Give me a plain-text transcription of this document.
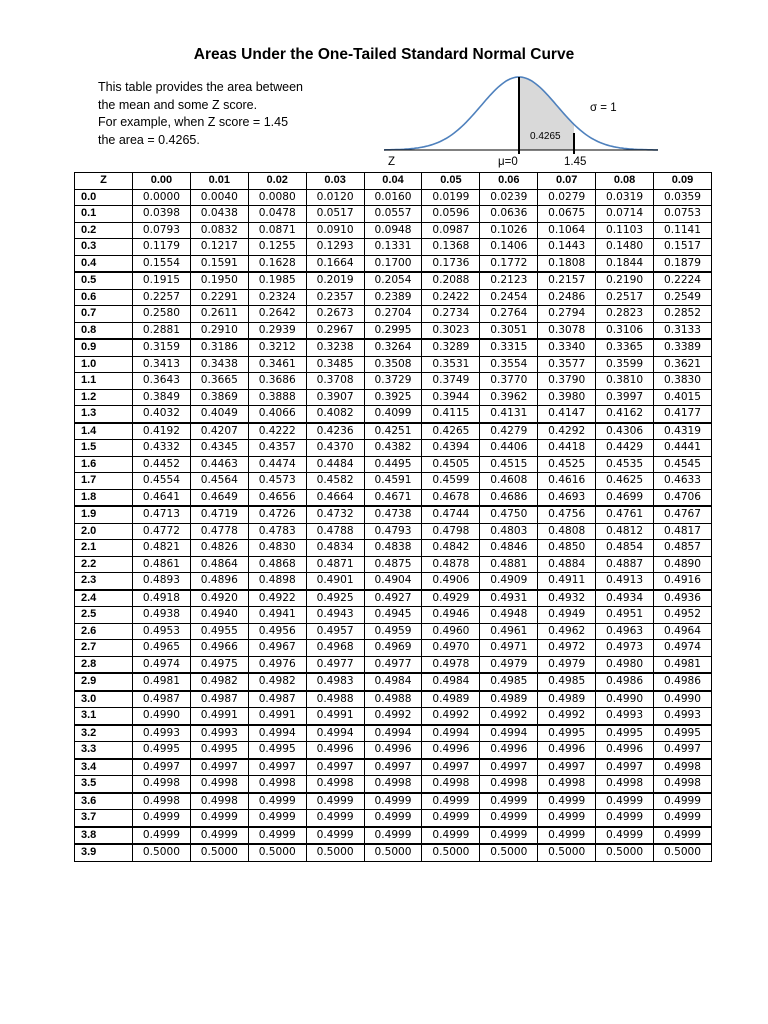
Areas Under the One-Tailed Standard Normal Curve
This table provides the area between
the mean and some Z score.
For example, when Z score = 1.45
the area = 0.4265.
σ = 1
0.4265
Z	μ=0	1.45
Z	0.00	0.01	0.02	0.03	0.04	0.05	0.06	0.07	0.08	0.09
0.0	0.0000	0.0040	0.0080	0.0120	0.0160	0.0199	0.0239	0.0279	0.0319	0.0359
0.1	0.0398	0.0438	0.0478	0.0517	0.0557	0.0596	0.0636	0.0675	0.0714	0.0753
0.2	0.0793	0.0832	0.0871	0.0910	0.0948	0.0987	0.1026	0.1064	0.1103	0.1141
0.3	0.1179	0.1217	0.1255	0.1293	0.1331	0.1368	0.1406	0.1443	0.1480	0.1517
0.4	0.1554	0.1591	0.1628	0.1664	0.1700	0.1736	0.1772	0.1808	0.1844	0.1879
0.5	0.1915	0.1950	0.1985	0.2019	0.2054	0.2088	0.2123	0.2157	0.2190	0.2224
0.6	0.2257	0.2291	0.2324	0.2357	0.2389	0.2422	0.2454	0.2486	0.2517	0.2549
0.7	0.2580	0.2611	0.2642	0.2673	0.2704	0.2734	0.2764	0.2794	0.2823	0.2852
0.8	0.2881	0.2910	0.2939	0.2967	0.2995	0.3023	0.3051	0.3078	0.3106	0.3133
0.9	0.3159	0.3186	0.3212	0.3238	0.3264	0.3289	0.3315	0.3340	0.3365	0.3389
1.0	0.3413	0.3438	0.3461	0.3485	0.3508	0.3531	0.3554	0.3577	0.3599	0.3621
1.1	0.3643	0.3665	0.3686	0.3708	0.3729	0.3749	0.3770	0.3790	0.3810	0.3830
1.2	0.3849	0.3869	0.3888	0.3907	0.3925	0.3944	0.3962	0.3980	0.3997	0.4015
1.3	0.4032	0.4049	0.4066	0.4082	0.4099	0.4115	0.4131	0.4147	0.4162	0.4177
1.4	0.4192	0.4207	0.4222	0.4236	0.4251	0.4265	0.4279	0.4292	0.4306	0.4319
1.5	0.4332	0.4345	0.4357	0.4370	0.4382	0.4394	0.4406	0.4418	0.4429	0.4441
1.6	0.4452	0.4463	0.4474	0.4484	0.4495	0.4505	0.4515	0.4525	0.4535	0.4545
1.7	0.4554	0.4564	0.4573	0.4582	0.4591	0.4599	0.4608	0.4616	0.4625	0.4633
1.8	0.4641	0.4649	0.4656	0.4664	0.4671	0.4678	0.4686	0.4693	0.4699	0.4706
1.9	0.4713	0.4719	0.4726	0.4732	0.4738	0.4744	0.4750	0.4756	0.4761	0.4767
2.0	0.4772	0.4778	0.4783	0.4788	0.4793	0.4798	0.4803	0.4808	0.4812	0.4817
2.1	0.4821	0.4826	0.4830	0.4834	0.4838	0.4842	0.4846	0.4850	0.4854	0.4857
2.2	0.4861	0.4864	0.4868	0.4871	0.4875	0.4878	0.4881	0.4884	0.4887	0.4890
2.3	0.4893	0.4896	0.4898	0.4901	0.4904	0.4906	0.4909	0.4911	0.4913	0.4916
2.4	0.4918	0.4920	0.4922	0.4925	0.4927	0.4929	0.4931	0.4932	0.4934	0.4936
2.5	0.4938	0.4940	0.4941	0.4943	0.4945	0.4946	0.4948	0.4949	0.4951	0.4952
2.6	0.4953	0.4955	0.4956	0.4957	0.4959	0.4960	0.4961	0.4962	0.4963	0.4964
2.7	0.4965	0.4966	0.4967	0.4968	0.4969	0.4970	0.4971	0.4972	0.4973	0.4974
2.8	0.4974	0.4975	0.4976	0.4977	0.4977	0.4978	0.4979	0.4979	0.4980	0.4981
2.9	0.4981	0.4982	0.4982	0.4983	0.4984	0.4984	0.4985	0.4985	0.4986	0.4986
3.0	0.4987	0.4987	0.4987	0.4988	0.4988	0.4989	0.4989	0.4989	0.4990	0.4990
3.1	0.4990	0.4991	0.4991	0.4991	0.4992	0.4992	0.4992	0.4992	0.4993	0.4993
3.2	0.4993	0.4993	0.4994	0.4994	0.4994	0.4994	0.4994	0.4995	0.4995	0.4995
3.3	0.4995	0.4995	0.4995	0.4996	0.4996	0.4996	0.4996	0.4996	0.4996	0.4997
3.4	0.4997	0.4997	0.4997	0.4997	0.4997	0.4997	0.4997	0.4997	0.4997	0.4998
3.5	0.4998	0.4998	0.4998	0.4998	0.4998	0.4998	0.4998	0.4998	0.4998	0.4998
3.6	0.4998	0.4998	0.4999	0.4999	0.4999	0.4999	0.4999	0.4999	0.4999	0.4999
3.7	0.4999	0.4999	0.4999	0.4999	0.4999	0.4999	0.4999	0.4999	0.4999	0.4999
3.8	0.4999	0.4999	0.4999	0.4999	0.4999	0.4999	0.4999	0.4999	0.4999	0.4999
3.9	0.5000	0.5000	0.5000	0.5000	0.5000	0.5000	0.5000	0.5000	0.5000	0.5000
